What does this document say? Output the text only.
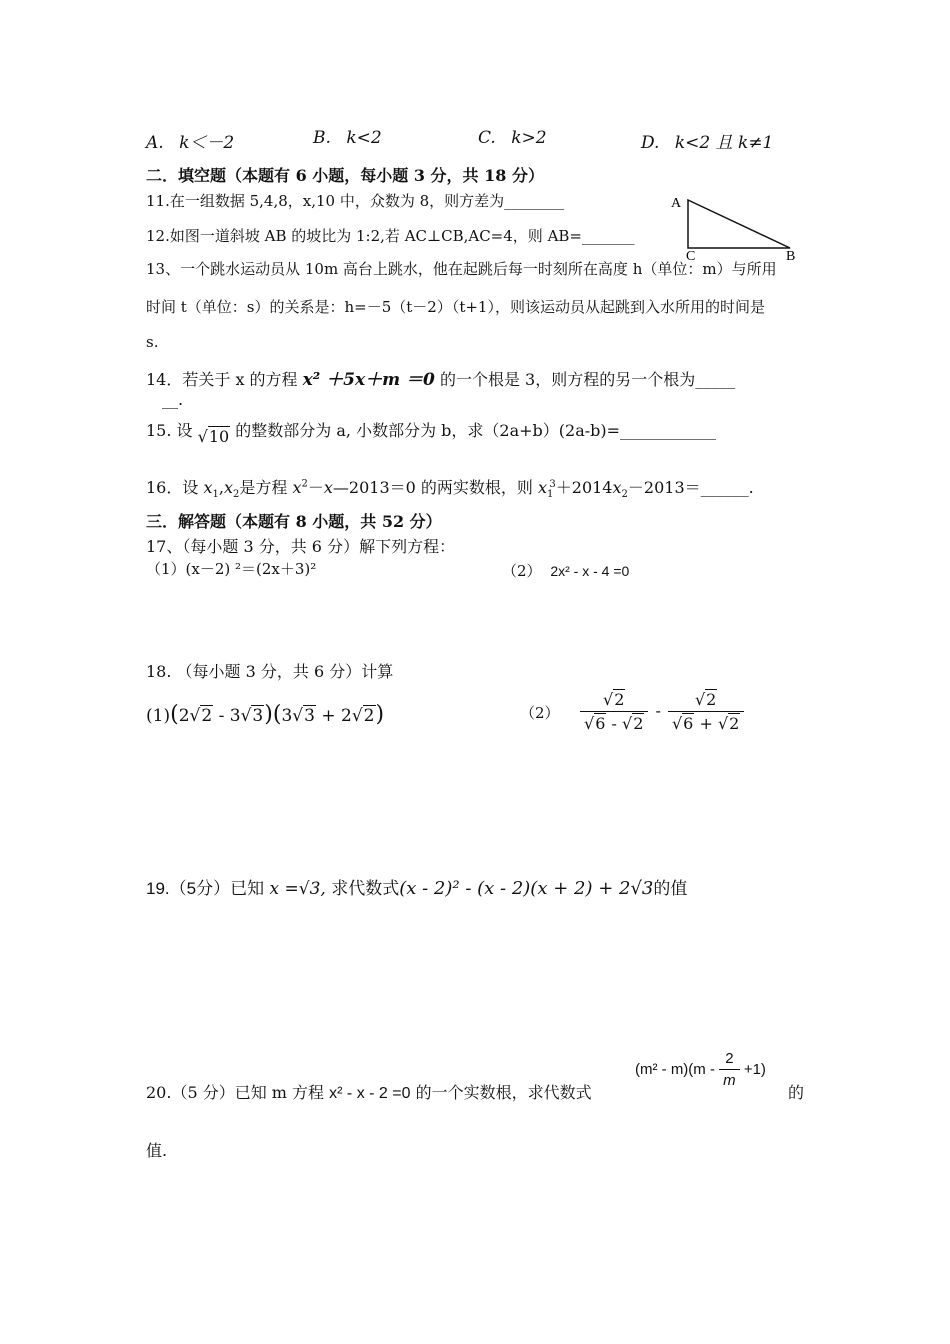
A. k＜－2	B. k<2	C. k>2	D. k<2 且 k≠1
二．填空题（本题有 6 小题，每小题 3 分，共 18 分）
11.在一组数据 5,4,8，x,10 中，众数为 8，则方差为________	A
B
C
12.如图一道斜坡 AB 的坡比为 1:2,若 AC⊥CB,AC=4，则 AB=_______
13、一个跳水运动员从 10m 高台上跳水，他在起跳后每一时刻所在高度 h（单位：m）与所用
时间 t（单位：s）的关系是：h=－5（t－2）（t+1），则该运动员从起跳到入水所用的时间是
s.
14．若关于 x 的方程 x² ＋5x＋m ＝0 的一个根是 3，则方程的另一个根为_____
__.
15. 设 √10 的整数部分为 a, 小数部分为 b，求（2a+b）(2a-b)=____________
16．设 $x_1,x_2$是方程 $x^2-x—2013=0$ 的两实数根，则 $x_1^3+2014x_2-2013=\_\_\_\_\_\_$.
三．解答题（本题有 8 小题，共 52 分）
17、（每小题 3 分，共 6 分）解下列方程：
（1）(x－2) ²＝(2x＋3)²	（2） 2x² - x - 4 =0
18. （每小题 3 分，共 6 分）计算
(1)(2√2 - 3√3)(3√3 + 2√2)	$(2) \frac{√2}{√6 - √2} - \frac{√2}{√6 + √2}$
19.（5分）已知 x =√3, 求代数式(x - 2)² - (x - 2)(x + 2) + 2√3的值
20.（5 分）已知 m 方程 x² - x - 2 =0 的一个实数根，求代数式
$(m^2 - m)(m - \frac{2}{m} +1)$
的
值.
